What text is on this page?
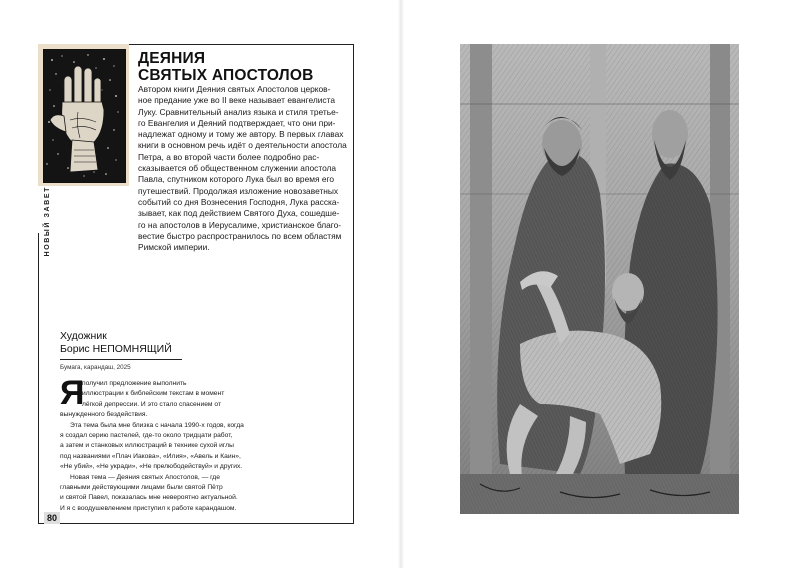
НОВЫЙ ЗАВЕТ
ДЕЯНИЯ
СВЯТЫХ АПОСТОЛОВ
Автором книги Деяния святых Апостолов церков-
ное предание уже во II веке называет евангелиста
Луку. Сравнительный анализ языка и стиля третье-
го Евангелия и Деяний подтверждает, что они при-
надлежат одному и тому же автору. В первых главах
книги в основном речь идёт о деятельности апостола
Петра, а во второй части более подробно рас-
сказывается об общественном служении апостола
Павла, спутником которого Лука был во время его
путешествий. Продолжая изложение новозаветных
событий со дня Вознесения Господня, Лука расска-
зывает, как под действием Святого Духа, сошедше-
го на апостолов в Иерусалиме, христианское благо-
вестие быстро распространилось по всем областям
Римской империи.
Художник
Борис НЕПОМНЯЩИЙ
Бумага, карандаш, 2025
Я
получил предложение выполнить
иллюстрации к библейским текстам в момент
лёгкой депрессии. И это стало спасением от
вынужденного бездействия.
Эта тема была мне близка с начала 1990-х годов, когда
я создал серию пастелей, где-то около тридцати работ,
а затем и станковых иллюстраций в технике сухой иглы
под названиями «Плач Иакова», «Илия», «Авель и Каин»,
«Не убий», «Не укради», «Не прелюбодействуй» и других.
Новая тема — Деяния святых Апостолов, — где
главными действующими лицами были святой Пётр
и святой Павел, показалась мне невероятно актуальной.
И я с воодушевлением приступил к работе карандашом.
80
